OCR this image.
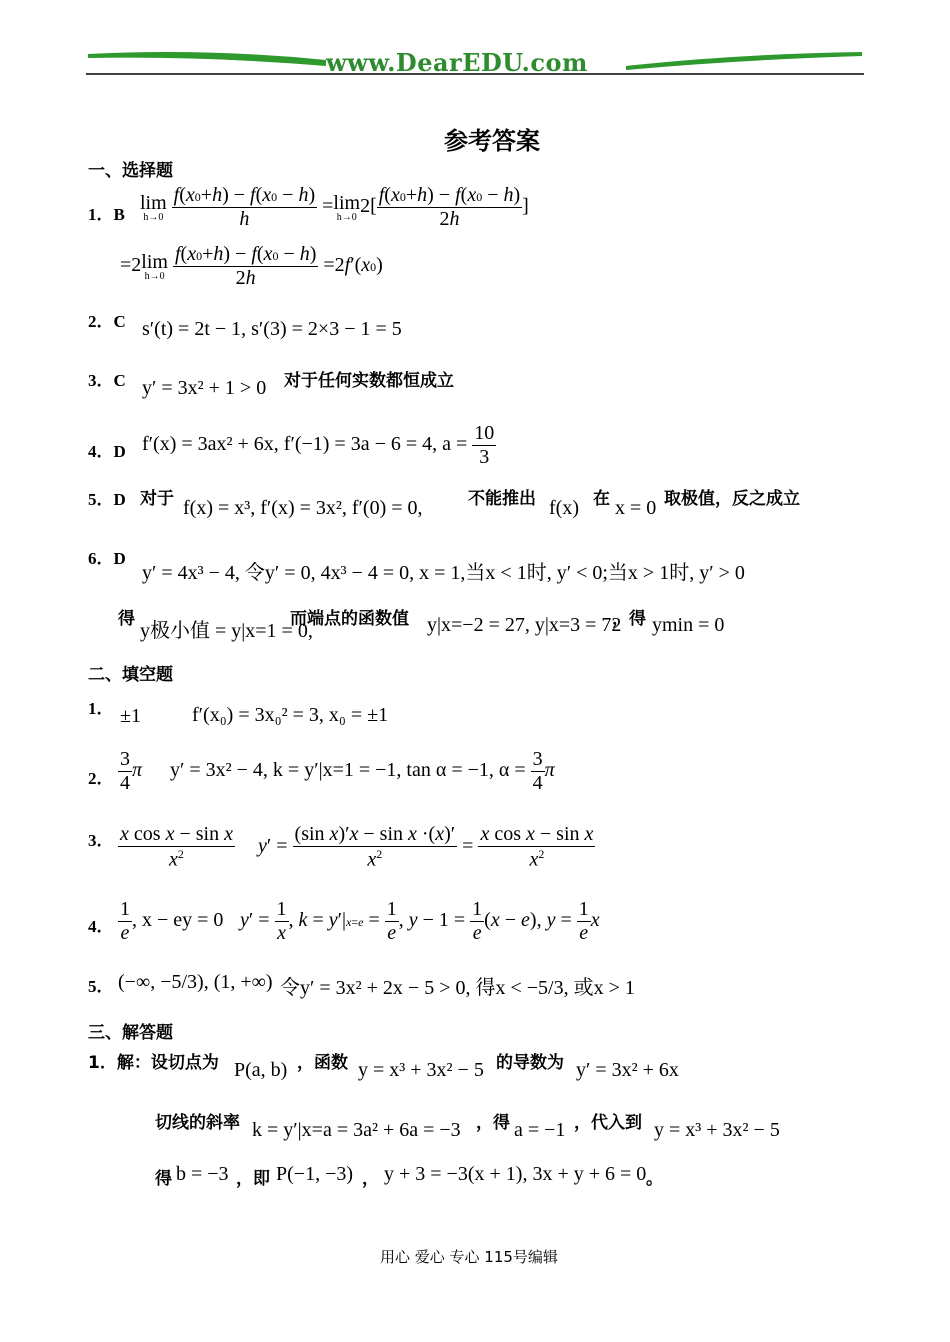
www.DearEDU.com
参考答案
一、选择题
1．B
lim
h→0
$\frac{f(x0+h) - f(x0 - h)}{h} =\lim$
h→0 $2[ \frac{f(x0+h) - f(x0 - h)}{2h}$ ]
=2lim
h→0
$\frac{f(x0+h) - f(x0 - h)}{2h} =2f'(x0)$
2．C s′(t) = 2t − 1, s′(3) = 2×3 − 1 = 5
3．C y′ = 3x² + 1 > 0 对于任何实数都恒成立
4．D f′(x) = 3ax² + 6x, f′(−1) = 3a − 6 = 4, $a = \frac{10}{3}$
5．D 对于 f(x) = x³, f′(x) = 3x², f′(0) = 0,	不能推出 f(x) 在 x = 0 取极值，反之成立
6．D
y′ = 4x³ − 4, 令y′ = 0, 4x³ − 4 = 0, x = 1,当x < 1时, y′ < 0;当x > 1时, y′ > 0
得
y极小值 = y|x=1 = 0,
而端点的函数值 y|x=−2 = 27, y|x=3 = 72
，得 ymin = 0
二、填空题
1． ±1	f′(x₀) = 3x₀² = 3, x₀ = ±1
2． $\frac{3}{4}$ π y′ = 3x² − 4, k = y′|x=1 = −1, tan α = −1, $\alpha = \frac{3}{4}$ π
3． $\frac{\text{x cos x − sin x}}{x^2} y' = \frac{\text{(sin x)′x − sin x ·(x)′}}{x^2} = \frac{\text{x cos x − sin x}}{x^2}$
4． $\frac{1}{e}$ , x − ey = 0 $y' = \frac{1}{x}$ , $k = y'|x=e = \frac{1}{e}$ , $y - 1 = \frac{1}{e} (x - e)$, $y = \frac{1}{e}$ x
5． (−∞, −5/3), (1, +∞) 令y′ = 3x² + 2x − 5 > 0, 得x < −5/3, 或x > 1
三、解答题
1．解：设切点为 P(a, b) ，函数 y = x³ + 3x² − 5 的导数为 y′ = 3x² + 6x
切线的斜率 k = y′|x=a = 3a² + 6a = −3 ，得 a = −1 ，代入到 y = x³ + 3x² − 5
得 b = −3 ，即 P(−1, −3) ， y + 3 = −3(x + 1), 3x + y + 6 = 0 。
用心 爱心 专心 115号编辑
